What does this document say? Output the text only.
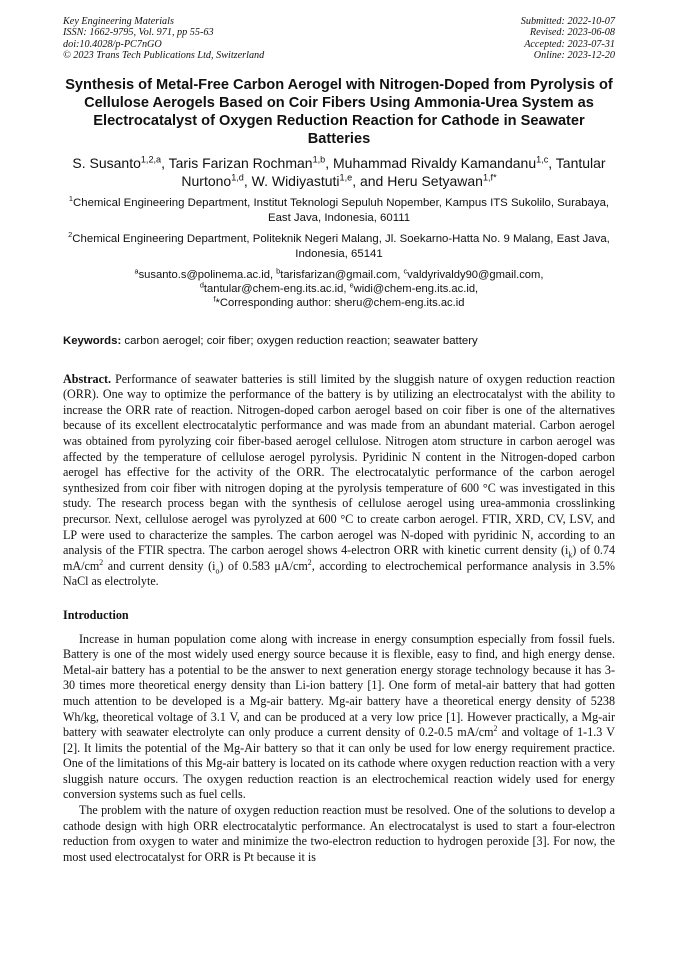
Key Engineering Materials
ISSN: 1662-9795, Vol. 971, pp 55-63
doi:10.4028/p-PC7nGO
© 2023 Trans Tech Publications Ltd, Switzerland
Submitted: 2022-10-07
Revised: 2023-06-08
Accepted: 2023-07-31
Online: 2023-12-20
Synthesis of Metal-Free Carbon Aerogel with Nitrogen-Doped from Pyrolysis of Cellulose Aerogels Based on Coir Fibers Using Ammonia-Urea System as Electrocatalyst of Oxygen Reduction Reaction for Cathode in Seawater Batteries
S. Susanto$^{1,2,a}$, Taris Farizan Rochman$^{1,b}$, Muhammad Rivaldy Kamandanu$^{1,c}$, Tantular Nurtono$^{1,d}$, W. Widiyastuti$^{1,e}$, and Heru Setyawan$^{1,f*}$
$^1$Chemical Engineering Department, Institut Teknologi Sepuluh Nopember, Kampus ITS Sukolilo, Surabaya, East Java, Indonesia, 60111
$^2$Chemical Engineering Department, Politeknik Negeri Malang, Jl. Soekarno-Hatta No. 9 Malang, East Java, Indonesia, 65141
$^a$susanto.s@polinema.ac.id, $^b$tarisfarizan@gmail.com, $^c$valdyrivaldy90@gmail.com,
$^d$tantular@chem-eng.its.ac.id, $^e$widi@chem-eng.its.ac.id,
$^f$*Corresponding author: sheru@chem-eng.its.ac.id
Keywords: carbon aerogel; coir fiber; oxygen reduction reaction; seawater battery
Abstract. Performance of seawater batteries is still limited by the sluggish nature of oxygen reduction reaction (ORR). One way to optimize the performance of the battery is by utilizing an electrocatalyst with the ability to increase the ORR rate of reaction. Nitrogen-doped carbon aerogel based on coir fiber is one of the alternatives because of its excellent electrocatalytic performance and was made from an abundant material. Carbon aerogel was obtained from pyrolyzing coir fiber-based aerogel cellulose. Nitrogen atom structure in carbon aerogel was affected by the temperature of cellulose aerogel pyrolysis. Pyridinic N content in the Nitrogen-doped carbon aerogel has effective for the activity of the ORR. The electrocatalytic performance of the carbon aerogel synthesized from coir fiber with nitrogen doping at the pyrolysis temperature of 600 °C was investigated in this study. The research process began with the synthesis of cellulose aerogel using urea-ammonia crosslinking precursor. Next, cellulose aerogel was pyrolyzed at 600 °C to create carbon aerogel. FTIR, XRD, CV, LSV, and LP were used to characterize the samples. The carbon aerogel was N-doped with pyridinic N, according to an analysis of the FTIR spectra. The carbon aerogel shows 4-electron ORR with kinetic current density $(i_k)$ of 0.74 $mA/cm^2$ and current density $(i_o)$ of 0.583 $\mu A/cm^2$, according to electrochemical performance analysis in 3.5% NaCl as electrolyte.
Introduction

Increase in human population come along with increase in energy consumption especially from fossil fuels. Battery is one of the most widely used energy source because it is flexible, easy to find, and high energy dense. Metal-air battery has a potential to be the answer to next generation energy storage technology because it has 3-30 times more theoretical energy density than Li-ion battery [1]. One form of metal-air battery that had gotten much attention to be developed is a Mg-air battery. Mg-air battery have a theoretical energy density of 5238 Wh/kg, theoretical voltage of 3.1 V, and can be produced at a very low price [1]. However practically, a Mg-air battery with seawater electrolyte can only produce a current density of 0.2-0.5 $mA/cm^2$ and voltage of 1-1.3 V [2]. It limits the potential of the Mg-Air battery so that it can only be used for low energy requirement practice. One of the limitations of this Mg-air battery is located on its cathode where oxygen reduction reaction with a very sluggish nature occurs. The oxygen reduction reaction is an electrochemical reaction widely used for energy conversion systems such as fuel cells.

The problem with the nature of oxygen reduction reaction must be resolved. One of the solutions to develop a cathode design with high ORR electrocatalytic performance. An electrocatalyst is used to start a four-electron reduction from oxygen to water and minimize the two-electron reduction to hydrogen peroxide [3]. For now, the most used electrocatalyst for ORR is Pt because it is
